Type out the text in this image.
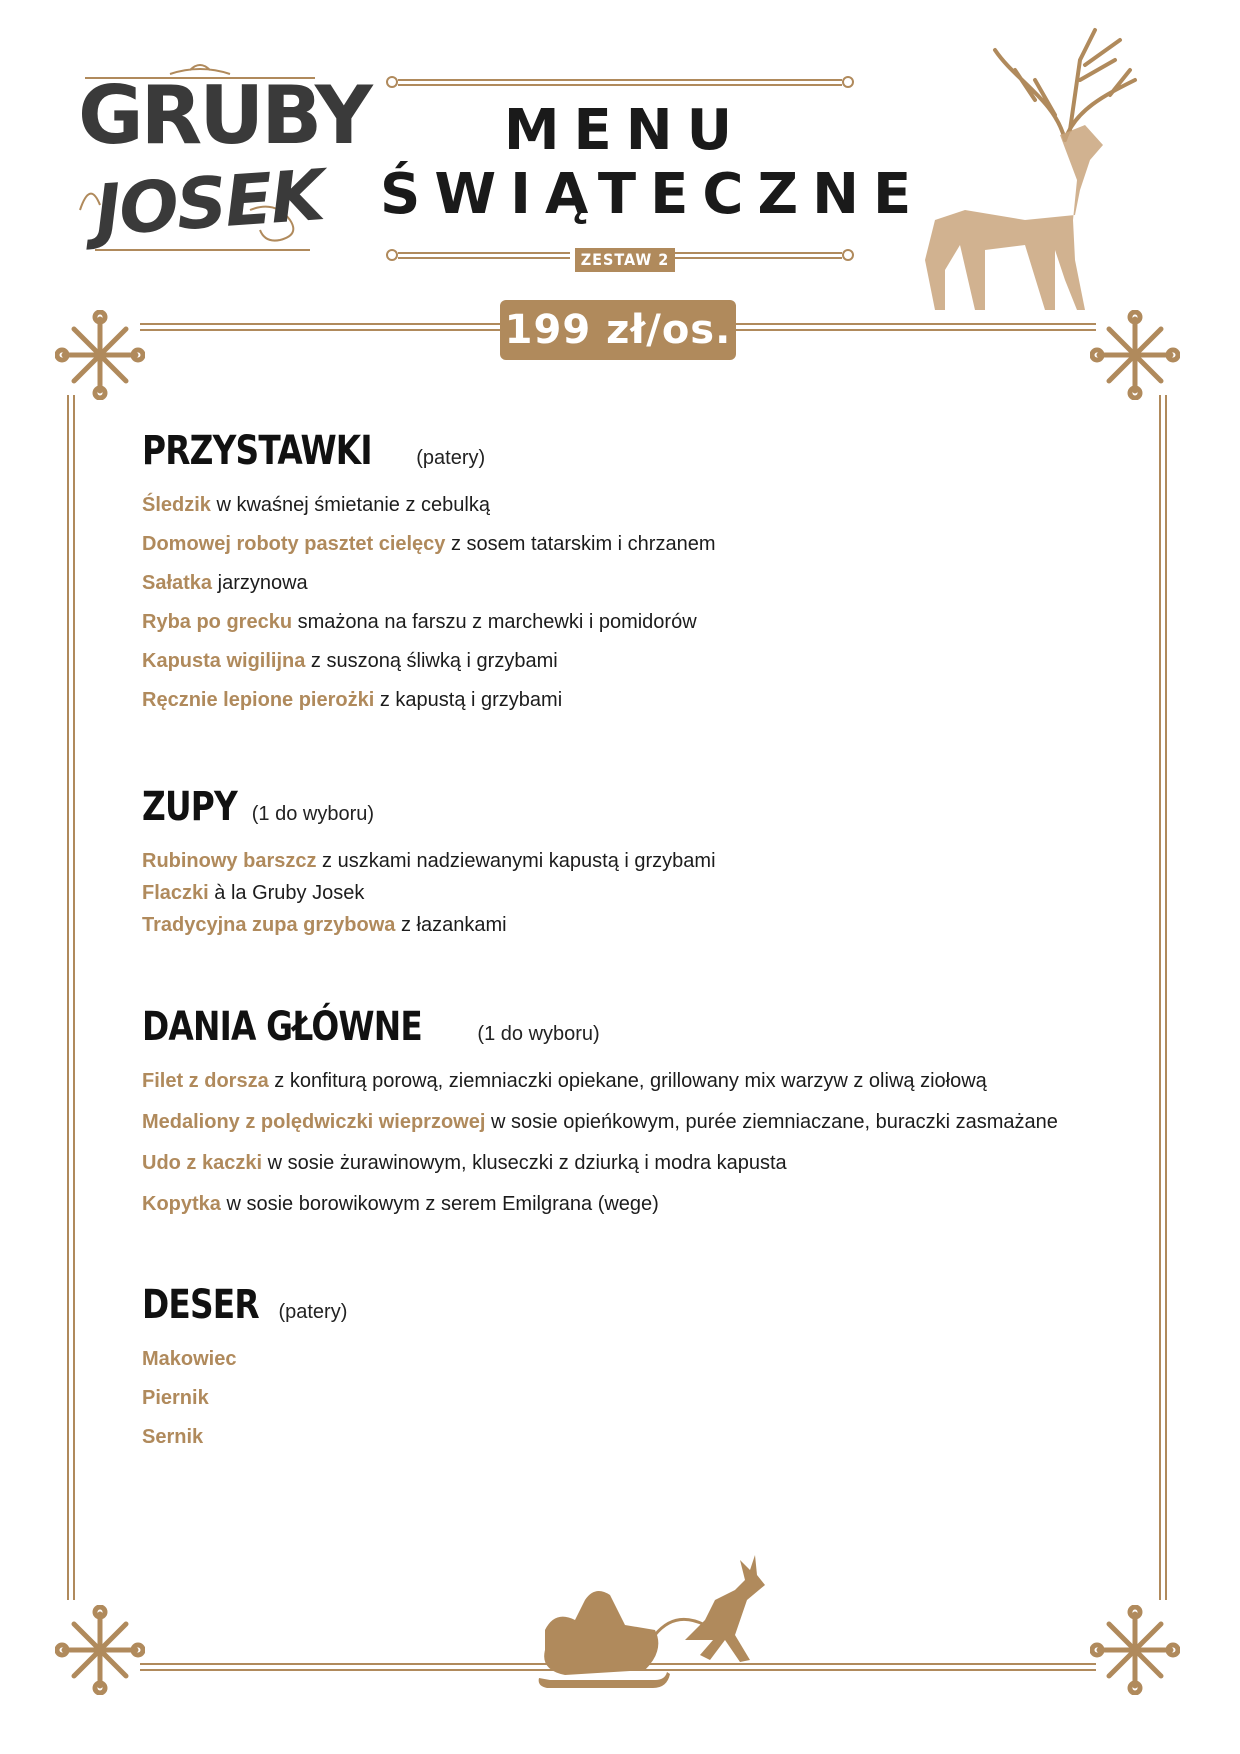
GRUBY
JOSEK
MENU
ŚWIĄTECZNE
ZESTAW 2
199 zł/os.
PRZYSTAWKI (patery)

Śledzik w kwaśnej śmietanie z cebulką

Domowej roboty pasztet cielęcy z sosem tatarskim i chrzanem

Sałatka jarzynowa

Ryba po grecku smażona na farszu z marchewki i pomidorów

Kapusta wigilijna z suszoną śliwką i grzybami

Ręcznie lepione pierożki z kapustą i grzybami

ZUPY (1 do wyboru)

Rubinowy barszcz z uszkami nadziewanymi kapustą i grzybami

Flaczki à la Gruby Josek

Tradycyjna zupa grzybowa z łazankami

DANIA GŁÓWNE	(1 do wyboru)

Filet z dorsza z konfiturą porową, ziemniaczki opiekane, grillowany mix warzyw z oliwą ziołową

Medaliony z polędwiczki wieprzowej w sosie opieńkowym, purée ziemniaczane, buraczki zasmażane

Udo z kaczki w sosie żurawinowym, kluseczki z dziurką i modra kapusta

Kopytka w sosie borowikowym z serem Emilgrana (wege)

DESER (patery)

Makowiec

Piernik

Sernik
